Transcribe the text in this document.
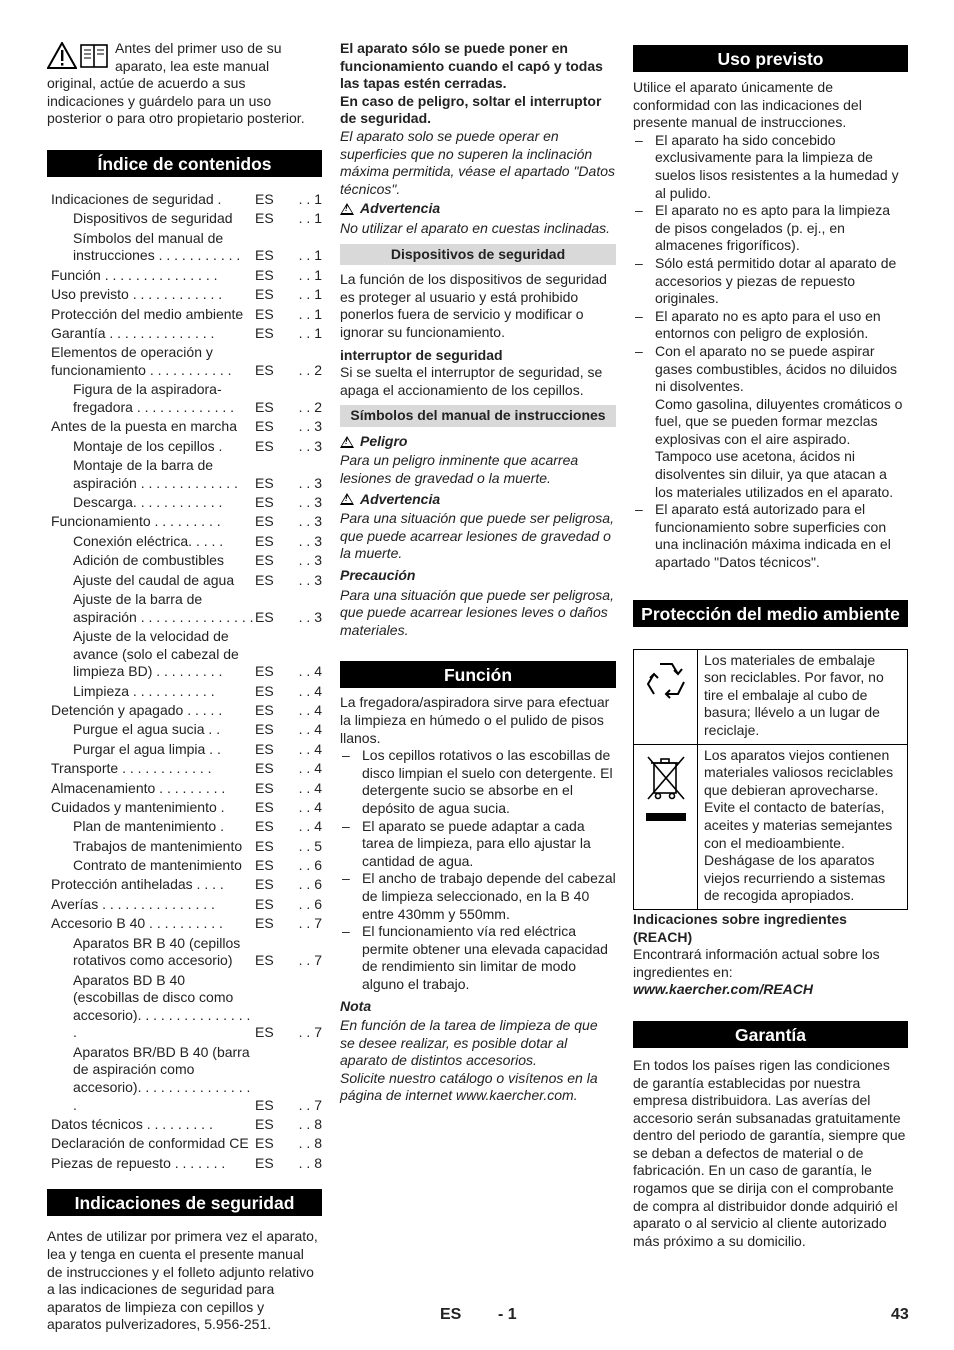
Antes del primer uso de su aparato, lea este manual original, actúe de acuerdo a sus indicaciones y guárdelo para un uso posterior o para otro propietario posterior.

Índice de contenidos
Indicaciones de seguridad .	ES	. . 1
Dispositivos de seguridad	ES	. . 1
Símbolos del manual de instrucciones . . . . . . . . . . .	ES	. . 1
Función . . . . . . . . . . . . . . .	ES	. . 1
Uso previsto . . . . . . . . . . . .	ES	. . 1
Protección del medio ambiente ES	. . 1
Garantía . . . . . . . . . . . . . .	ES	. . 1
Elementos de operación y funcionamiento . . . . . . . . . . .	ES	. . 2
Figura de la aspiradora-fregadora . . . . . . . . . . . . .	ES	. . 2
Antes de la puesta en marcha	ES	. . 3
Montaje de los cepillos .	ES	. . 3
Montaje de la barra de aspiración . . . . . . . . . . . . .	ES	. . 3
Descarga. . . . . . . . . . . .	ES	. . 3
Funcionamiento . . . . . . . . .	ES	. . 3
Conexión eléctrica. . . . .	ES	. . 3
Adición de combustibles	ES	. . 3
Ajuste del caudal de agua	ES	. . 3
Ajuste de la barra de aspiración . . . . . . . . . . . . . . . ES	. . 3
Ajuste de la velocidad de avance (solo el cabezal de limpieza BD) . . . . . . . . .	ES	. . 4
Limpieza . . . . . . . . . . .	ES	. . 4
Detención y apagado . . . . .	ES	. . 4
Purgue el agua sucia . .	ES	. . 4
Purgar el agua limpia . .	ES	. . 4
Transporte . . . . . . . . . . . .	ES	. . 4
Almacenamiento . . . . . . . . .	ES	. . 4
Cuidados y mantenimiento .	ES	. . 4
Plan de mantenimiento .	ES	. . 4
Trabajos de mantenimiento ES	. . 5
Contrato de mantenimiento ES	. . 6
Protección antiheladas . . . .	ES	. . 6
Averías . . . . . . . . . . . . . . .	ES	. . 6
Accesorio B 40 . . . . . . . . . .	ES	. . 7
Aparatos BR B 40 (cepillos rotativos como accesorio)	ES	. . 7
Aparatos BD B 40 (escobillas de disco como accesorio). . . . . . . . . . . . . . . .	ES	. . 7
Aparatos BR/BD B 40 (barra de aspiración como accesorio). . . . . . . . . . . . . . . .	ES	. . 7
Datos técnicos . . . . . . . . .	ES	. . 8
Declaración de conformidad CE ES	. . 8
Piezas de repuesto . . . . . . .	ES	. . 8
Indicaciones de seguridad

Antes de utilizar por primera vez el aparato, lea y tenga en cuenta el presente manual de instrucciones y el folleto adjunto relativo a las indicaciones de seguridad para aparatos de limpieza con cepillos y aparatos pulverizadores, 5.956-251.

El aparato sólo se puede poner en funcionamiento cuando el capó y todas las tapas estén cerradas.

En caso de peligro, soltar el interruptor de seguridad.

El aparato solo se puede operar en superficies que no superen la inclinación máxima permitida, véase el apartado "Datos técnicos".

!
Advertencia

No utilizar el aparato en cuestas inclinadas.

Dispositivos de seguridad

La función de los dispositivos de seguridad es proteger al usuario y está prohibido ponerlos fuera de servicio y modificar o ignorar su funcionamiento.

interruptor de seguridad

Si se suelta el interruptor de seguridad, se apaga el accionamiento de los cepillos.

Símbolos del manual de instrucciones
!
Peligro

Para un peligro inminente que acarrea lesiones de gravedad o la muerte.

!
Advertencia

Para una situación que puede ser peligrosa, que puede acarrear lesiones de gravedad o la muerte.

Precaución

Para una situación que puede ser peligrosa, que puede acarrear lesiones leves o daños materiales.

Función

La fregadora/aspiradora sirve para efectuar la limpieza en húmedo o el pulido de pisos llanos.

– Los cepillos rotativos o las escobillas de disco limpian el suelo con detergente. El detergente sucio se absorbe en el depósito de agua sucia.
– El aparato se puede adaptar a cada tarea de limpieza, para ello ajustar la cantidad de agua.
– El ancho de trabajo depende del cabezal de limpieza seleccionado, en la B 40 entre 430mm y 550mm.
– El funcionamiento vía red eléctrica permite obtener una elevada capacidad de rendimiento sin limitar de modo alguno el trabajo.

Nota

En función de la tarea de limpieza de que se desee realizar, es posible dotar al aparato de distintos accesorios.

Solicite nuestro catálogo o visítenos en la página de internet www.kaercher.com.

Uso previsto

Utilice el aparato únicamente de conformidad con las indicaciones del presente manual de instrucciones.

– El aparato ha sido concebido exclusivamente para la limpieza de suelos lisos resistentes a la humedad y al pulido.
– El aparato no es apto para la limpieza de pisos congelados (p. ej., en almacenes frigoríficos).
– Sólo está permitido dotar al aparato de accesorios y piezas de repuesto originales.
– El aparato no es apto para el uso en entornos con peligro de explosión.
– Con el aparato no se puede aspirar gases combustibles, ácidos no diluidos ni disolventes.

Como gasolina, diluyentes cromáticos o fuel, que se pueden formar mezclas explosivas con el aire aspirado. Tampoco use acetona, ácidos ni disolventes sin diluir, ya que atacan a los materiales utilizados en el aparato.

– El aparato está autorizado para el funcionamiento sobre superficies con una inclinación máxima indicada en el apartado "Datos técnicos".
Protección del medio ambiente
Los materiales de embalaje son reciclables. Por favor, no tire el embalaje al cubo de basura; llévelo a un lugar de reciclaje.
Los aparatos viejos contienen materiales valiosos reciclables que debieran aprovecharse. Evite el contacto de baterías, aceites y materias semejantes con el medioambiente. Deshágase de los aparatos viejos recurriendo a sistemas de recogida apropiados.

Indicaciones sobre ingredientes (REACH)

Encontrará información actual sobre los ingredientes en:

www.kaercher.com/REACH

Garantía

En todos los países rigen las condiciones de garantía establecidas por nuestra empresa distribuidora. Las averías del accesorio serán subsanadas gratuitamente dentro del periodo de garantía, siempre que se deban a defectos de material o de fabricación. En un caso de garantía, le rogamos que se dirija con el comprobante de compra al distribuidor donde adquirió el aparato o al servicio al cliente autorizado más próximo a su domicilio.

ES - 1	43
